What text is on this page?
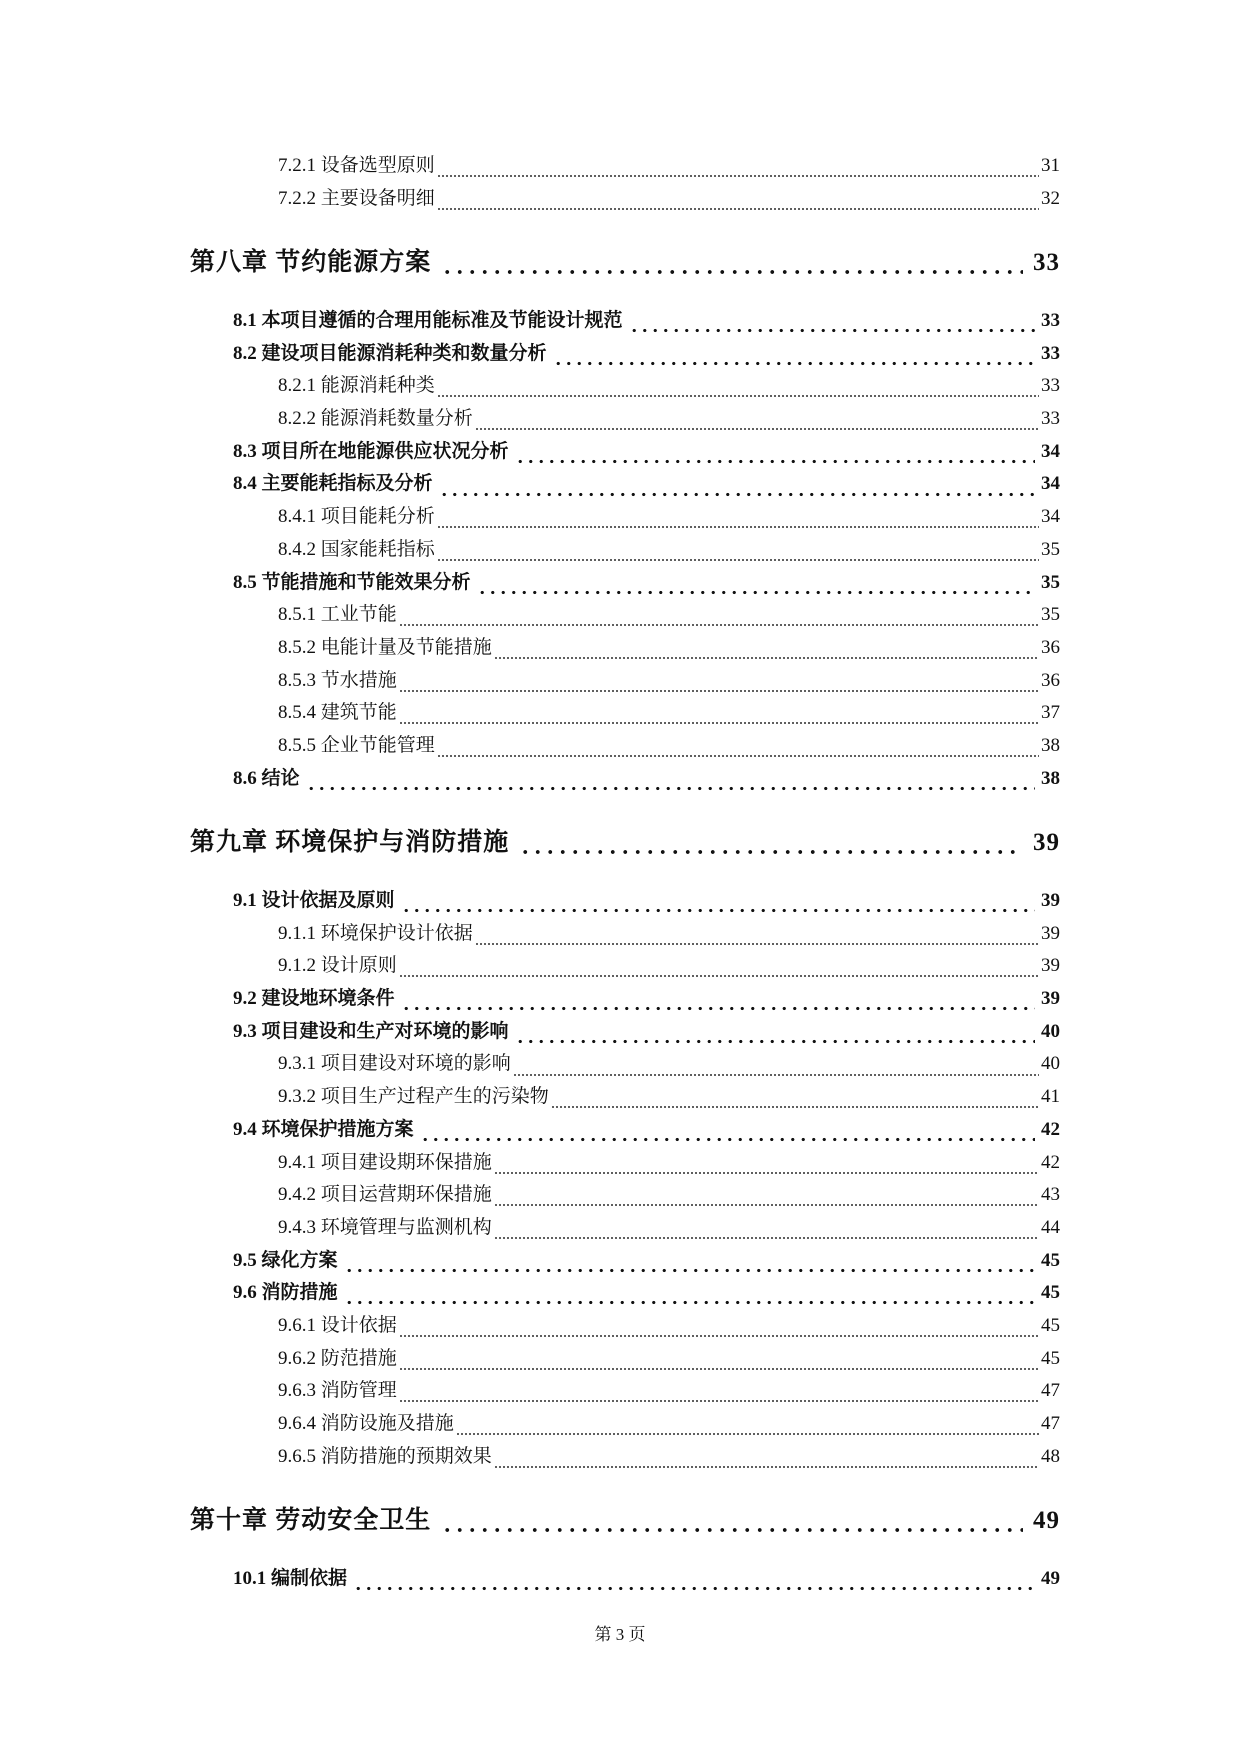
7.2.1 设备选型原则	31
7.2.2 主要设备明细	32
第八章 节约能源方案	33
8.1 本项目遵循的合理用能标准及节能设计规范	33
8.2 建设项目能源消耗种类和数量分析	33
8.2.1 能源消耗种类	33
8.2.2 能源消耗数量分析	33
8.3 项目所在地能源供应状况分析	34
8.4 主要能耗指标及分析	34
8.4.1 项目能耗分析	34
8.4.2 国家能耗指标	35
8.5 节能措施和节能效果分析	35
8.5.1 工业节能	35
8.5.2 电能计量及节能措施	36
8.5.3 节水措施	36
8.5.4 建筑节能	37
8.5.5 企业节能管理	38
8.6 结论	38
第九章 环境保护与消防措施	39
9.1 设计依据及原则	39
9.1.1 环境保护设计依据	39
9.1.2 设计原则	39
9.2 建设地环境条件	39
9.3 项目建设和生产对环境的影响	40
9.3.1 项目建设对环境的影响	40
9.3.2 项目生产过程产生的污染物	41
9.4 环境保护措施方案	42
9.4.1 项目建设期环保措施	42
9.4.2 项目运营期环保措施	43
9.4.3 环境管理与监测机构	44
9.5 绿化方案	45
9.6 消防措施	45
9.6.1 设计依据	45
9.6.2 防范措施	45
9.6.3 消防管理	47
9.6.4 消防设施及措施	47
9.6.5 消防措施的预期效果	48
第十章 劳动安全卫生	49
10.1 编制依据	49
第 3 页
